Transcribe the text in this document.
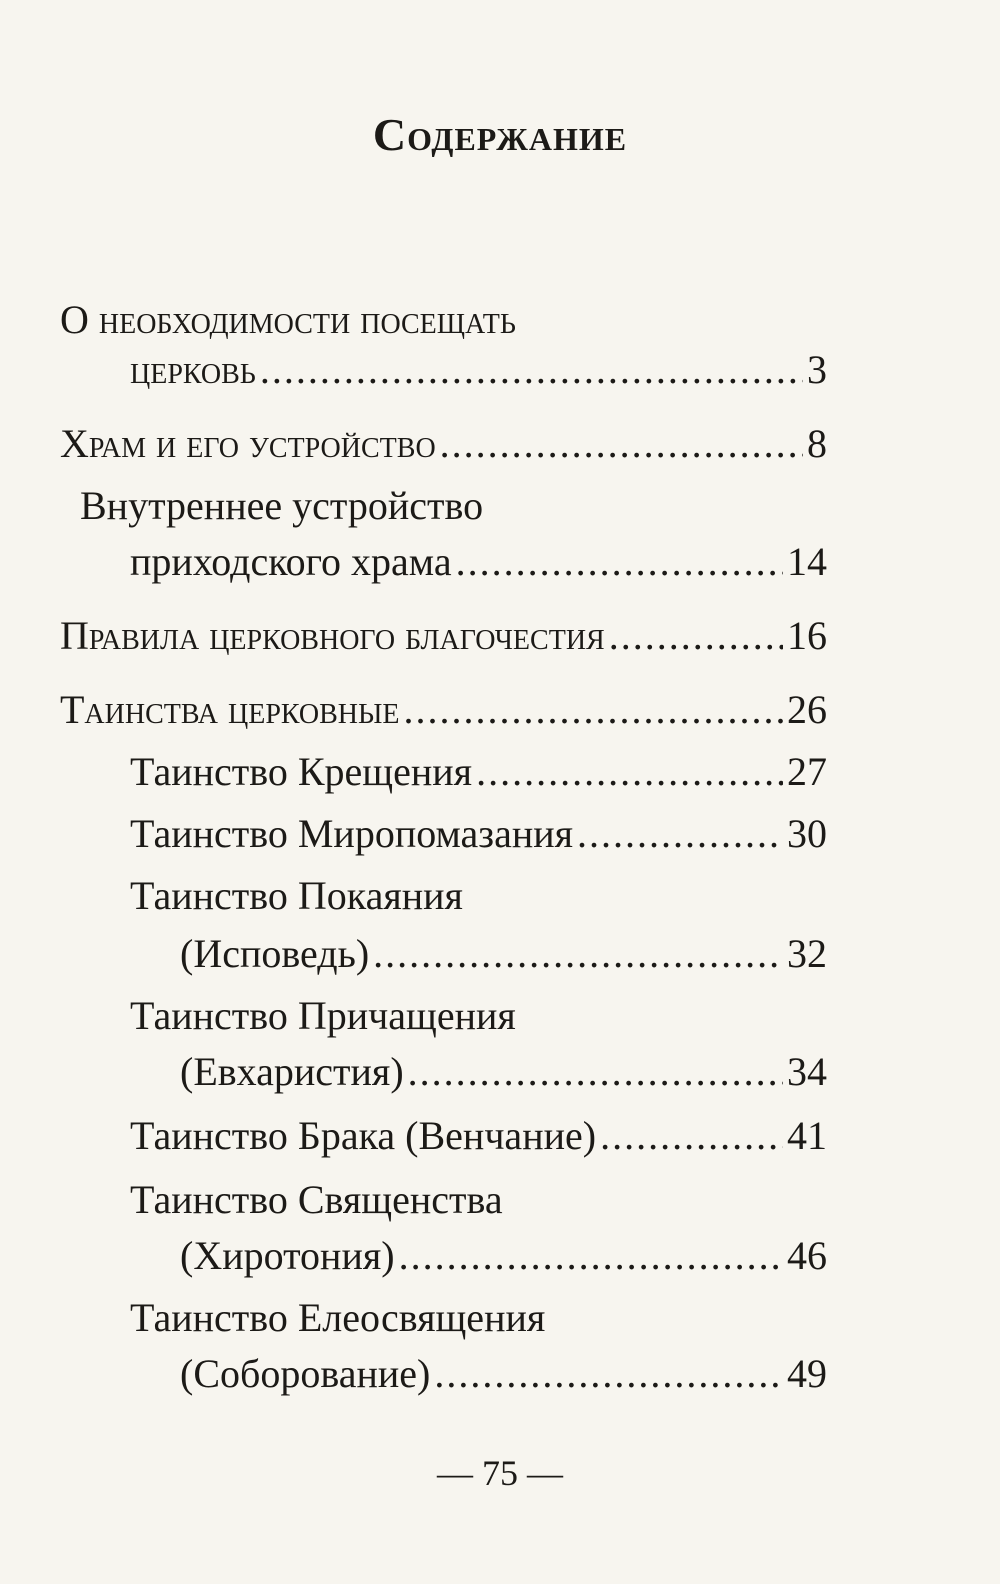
Содержание
О необходимости посещать
церковь .....	3
Храм и его устройство .....	8
Внутреннее устройство
приходского храма .....	14
Правила церковного благочестия .....	16
Таинства церковные .....	26
Таинство Крещения .....	27
Таинство Миропомазания .....	30
Таинство Покаяния
(Исповедь) .....	32
Таинство Причащения
(Евхаристия) .....	34
Таинство Брака (Венчание) .....	41
Таинство Священства
(Хиротония) .....	46
Таинство Елеосвящения
(Соборование) .....	49
— 75 —
